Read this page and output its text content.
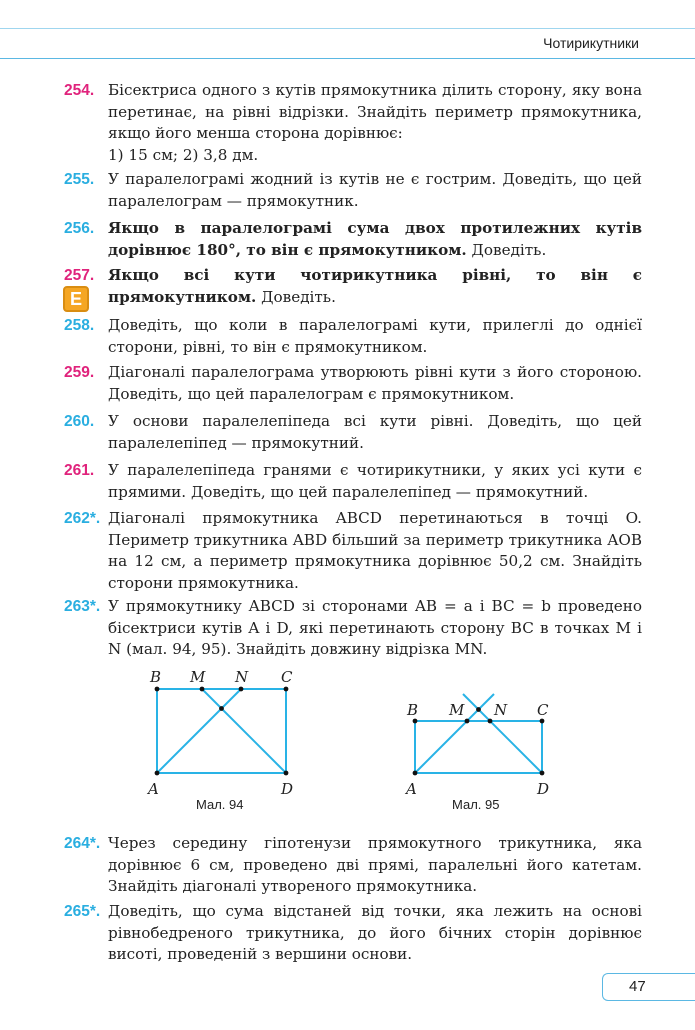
Чотирикутники
254. Бісектриса одного з кутів прямокутника ділить сторону, яку вона перетинає, на рівні відрізки. Знайдіть периметр прямокутника, якщо його менша сторона дорівнює:
1) 15 см; 2) 3,8 дм.
255. У паралелограмі жодний із кутів не є гострим. Доведіть, що цей паралелограм — прямокутник.
256. Якщо в паралелограмі сума двох протилежних кутів дорівнює 180°, то він є прямокутником. Доведіть.
257. Якщо всі кути чотирикутника рівні, то він є прямокутником. Доведіть.
E
258. Доведіть, що коли в паралелограмі кути, прилеглі до однієї сторони, рівні, то він є прямокутником.
259. Діагоналі паралелограма утворюють рівні кути з його стороною. Доведіть, що цей паралелограм є прямокутником.
260. У основи паралелепіпеда всі кути рівні. Доведіть, що цей паралелепіпед — прямокутний.
261. У паралелепіпеда гранями є чотирикутники, у яких усі кути є прямими. Доведіть, що цей паралелепіпед — прямокутний.
262*. Діагоналі прямокутника ABCD перетинаються в точці O. Периметр трикутника ABD більший за периметр трикутника AOB на 12 см, а периметр прямокутника дорівнює 50,2 см. Знайдіть сторони прямокутника.
263*. У прямокутнику ABCD зі сторонами AB = a і BC = b проведено бісектриси кутів A і D, які перетинають сторону BC в точках M і N (мал. 94, 95). Знайдіть довжину відрізка MN.
B M N C
A	D
Мал. 94
B M N C
A	D
Мал. 95
264*. Через середину гіпотенузи прямокутного трикутника, яка дорівнює 6 см, проведено дві прямі, паралельні його катетам. Знайдіть діагоналі утвореного прямокутника.
265*. Доведіть, що сума відстаней від точки, яка лежить на основі рівнобедреного трикутника, до його бічних сторін дорівнює висоті, проведеній з вершини основи.
47
